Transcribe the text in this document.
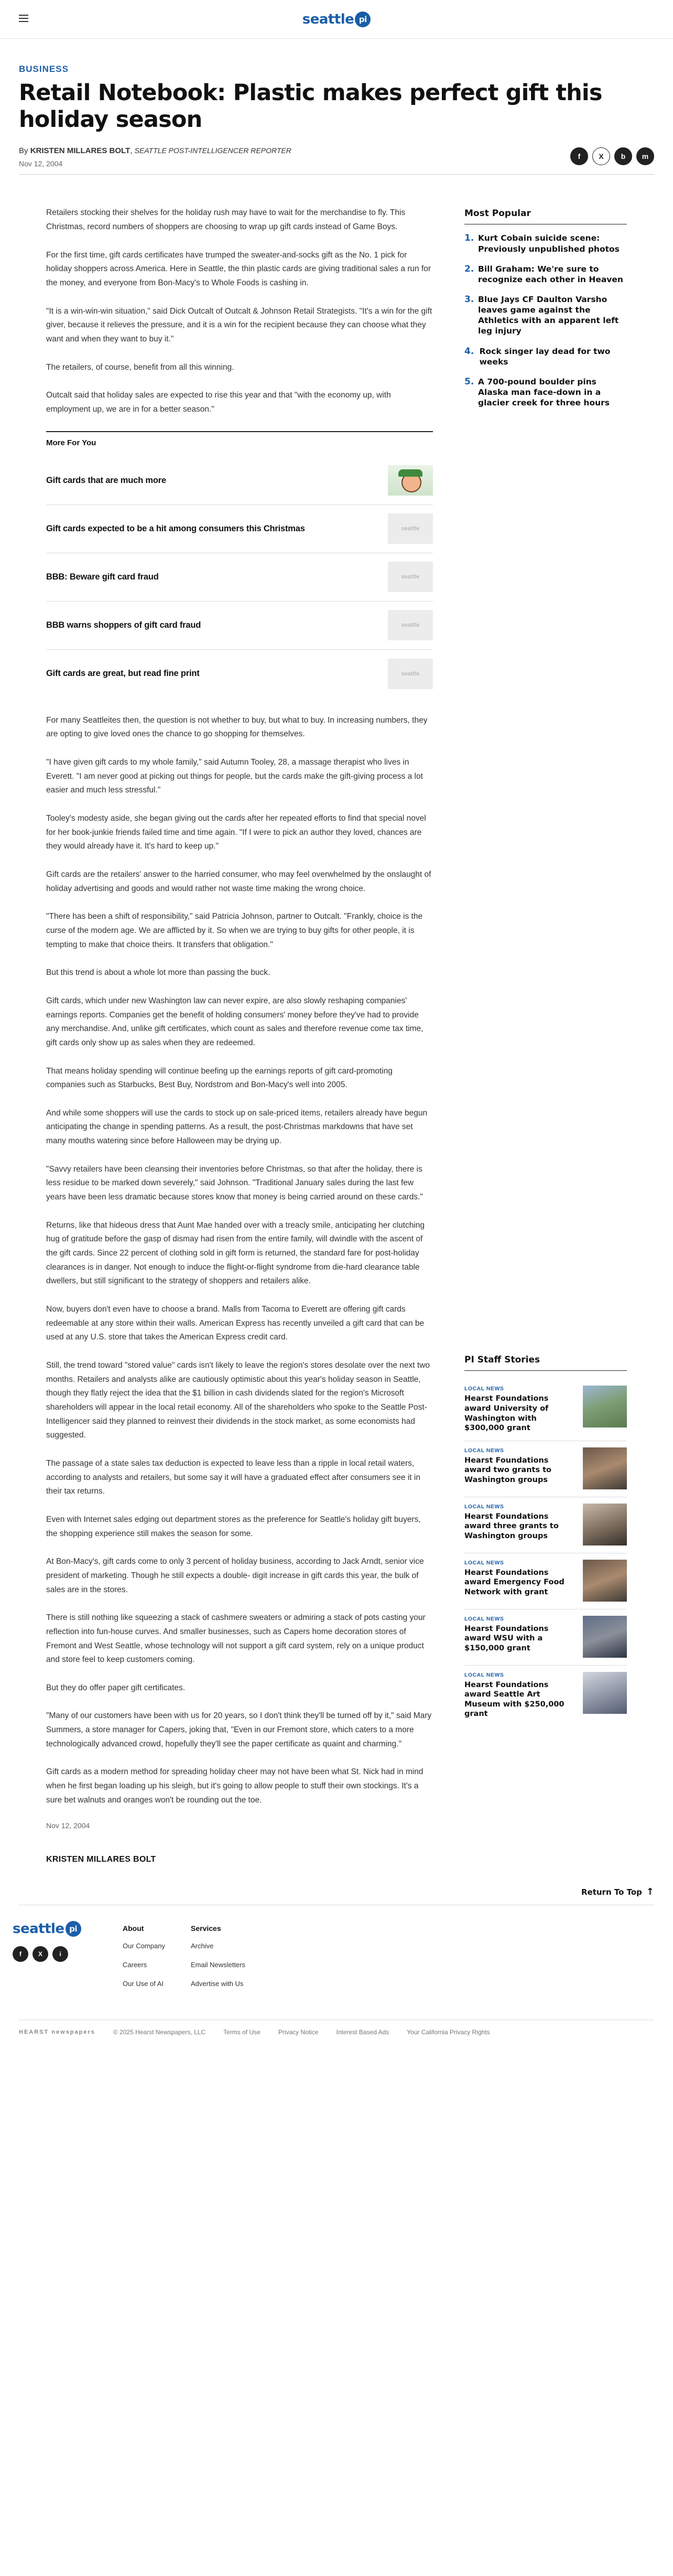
seattle pi
BUSINESS
Retail Notebook: Plastic makes perfect gift this holiday season
By KRISTEN MILLARES BOLT, SEATTLE POST-INTELLIGENCER REPORTER
Nov 12, 2004
f	X	b	m

Retailers stocking their shelves for the holiday rush may have to wait for the merchandise to fly. This Christmas, record numbers of shoppers are choosing to wrap up gift cards instead of Game Boys.

For the first time, gift cards certificates have trumped the sweater-and-socks gift as the No. 1 pick for holiday shoppers across America. Here in Seattle, the thin plastic cards are giving traditional sales a run for the money, and everyone from Bon-Macy's to Whole Foods is cashing in.

"It is a win-win-win situation," said Dick Outcalt of Outcalt & Johnson Retail Strategists. "It's a win for the gift giver, because it relieves the pressure, and it is a win for the recipient because they can choose what they want and when they want to buy it."

The retailers, of course, benefit from all this winning.

Outcalt said that holiday sales are expected to rise this year and that "with the economy up, with employment up, we are in for a better season."

More For You
Gift cards that are much more
Gift cards expected to be a hit among consumers this Christmas	seattle
BBB: Beware gift card fraud	seattle
BBB warns shoppers of gift card fraud	seattle
Gift cards are great, but read fine print	seattle

For many Seattleites then, the question is not whether to buy, but what to buy. In increasing numbers, they are opting to give loved ones the chance to go shopping for themselves.

"I have given gift cards to my whole family," said Autumn Tooley, 28, a massage therapist who lives in Everett. "I am never good at picking out things for people, but the cards make the gift-giving process a lot easier and much less stressful."

Tooley's modesty aside, she began giving out the cards after her repeated efforts to find that special novel for her book-junkie friends failed time and time again. "If I were to pick an author they loved, chances are they would already have it. It's hard to keep up."

Gift cards are the retailers' answer to the harried consumer, who may feel overwhelmed by the onslaught of holiday advertising and goods and would rather not waste time making the wrong choice.

"There has been a shift of responsibility," said Patricia Johnson, partner to Outcalt. "Frankly, choice is the curse of the modern age. We are afflicted by it. So when we are trying to buy gifts for other people, it is tempting to make that choice theirs. It transfers that obligation."

But this trend is about a whole lot more than passing the buck.

Gift cards, which under new Washington law can never expire, are also slowly reshaping companies' earnings reports. Companies get the benefit of holding consumers' money before they've had to provide any merchandise. And, unlike gift certificates, which count as sales and therefore revenue come tax time, gift cards only show up as sales when they are redeemed.

That means holiday spending will continue beefing up the earnings reports of gift card-promoting companies such as Starbucks, Best Buy, Nordstrom and Bon-Macy's well into 2005.

And while some shoppers will use the cards to stock up on sale-priced items, retailers already have begun anticipating the change in spending patterns. As a result, the post-Christmas markdowns that have set many mouths watering since before Halloween may be drying up.

"Savvy retailers have been cleansing their inventories before Christmas, so that after the holiday, there is less residue to be marked down severely," said Johnson. "Traditional January sales during the last few years have been less dramatic because stores know that money is being carried around on these cards."

Returns, like that hideous dress that Aunt Mae handed over with a treacly smile, anticipating her clutching hug of gratitude before the gasp of dismay had risen from the entire family, will dwindle with the ascent of the gift cards. Since 22 percent of clothing sold in gift form is returned, the standard fare for post-holiday clearances is in danger. Not enough to induce the flight-or-flight syndrome from die-hard clearance table dwellers, but still significant to the strategy of shoppers and retailers alike.

Now, buyers don't even have to choose a brand. Malls from Tacoma to Everett are offering gift cards redeemable at any store within their walls. American Express has recently unveiled a gift card that can be used at any U.S. store that takes the American Express credit card.

Still, the trend toward "stored value" cards isn't likely to leave the region's stores desolate over the next two months. Retailers and analysts alike are cautiously optimistic about this year's holiday season in Seattle, though they flatly reject the idea that the $1 billion in cash dividends slated for the region's Microsoft shareholders will appear in the local retail economy. All of the shareholders who spoke to the Seattle Post-Intelligencer said they planned to reinvest their dividends in the stock market, as some economists had suggested.

The passage of a state sales tax deduction is expected to leave less than a ripple in local retail waters, according to analysts and retailers, but some say it will have a graduated effect after consumers see it in their tax returns.

Even with Internet sales edging out department stores as the preference for Seattle's holiday gift buyers, the shopping experience still makes the season for some.

At Bon-Macy's, gift cards come to only 3 percent of holiday business, according to Jack Arndt, senior vice president of marketing. Though he still expects a double- digit increase in gift cards this year, the bulk of sales are in the stores.

There is still nothing like squeezing a stack of cashmere sweaters or admiring a stack of pots casting your reflection into fun-house curves. And smaller businesses, such as Capers home decoration stores of Fremont and West Seattle, whose technology will not support a gift card system, rely on a unique product and store feel to keep customers coming.

But they do offer paper gift certificates.

"Many of our customers have been with us for 20 years, so I don't think they'll be turned off by it," said Mary Summers, a store manager for Capers, joking that, "Even in our Fremont store, which caters to a more technologically advanced crowd, hopefully they'll see the paper certificate as quaint and charming."

Gift cards as a modern method for spreading holiday cheer may not have been what St. Nick had in mind when he first began loading up his sleigh, but it's going to allow people to stuff their own stockings. It's a sure bet walnuts and oranges won't be rounding out the toe.

Nov 12, 2004
KRISTEN MILLARES BOLT
Most Popular
1. Kurt Cobain suicide scene: Previously unpublished photos
2. Bill Graham: We're sure to recognize each other in Heaven
3. Blue Jays CF Daulton Varsho leaves game against the Athletics with an apparent left leg injury
4. Rock singer lay dead for two weeks
5. A 700-pound boulder pins Alaska man face-down in a glacier creek for three hours
PI Staff Stories
LOCAL NEWS
Hearst Foundations award University of Washington with $300,000 grant
LOCAL NEWS
Hearst Foundations award two grants to Washington groups
LOCAL NEWS
Hearst Foundations award three grants to Washington groups
LOCAL NEWS
Hearst Foundations award Emergency Food Network with grant
LOCAL NEWS
Hearst Foundations award WSU with a $150,000 grant
LOCAL NEWS
Hearst Foundations award Seattle Art Museum with $250,000 grant
Return To Top ↑
seattle pi
f	X	i
About
Our Company
Careers
Our Use of AI
Services
Archive
Email Newsletters
Advertise with Us
HEARST newspapers	© 2025 Hearst Newspapers, LLC	Terms of Use	Privacy Notice	Interest Based Ads	Your California Privacy Rights
